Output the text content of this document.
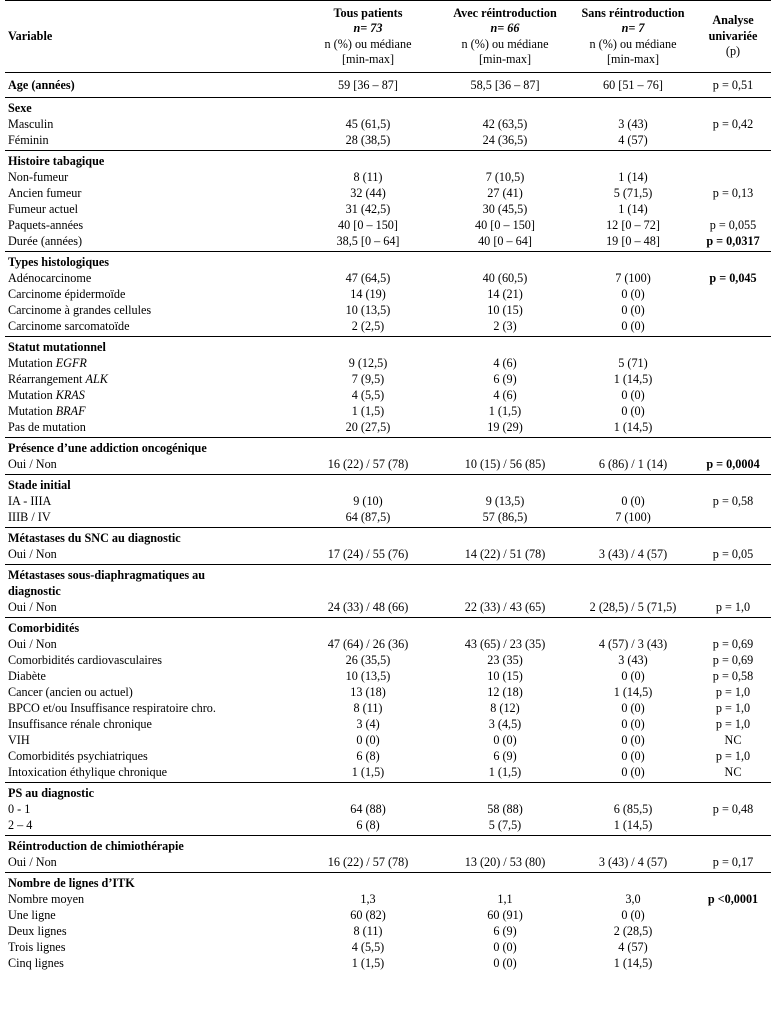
Variable	Tous patients
n= 73
n (%) ou médiane
[min-max]	Avec réintroduction
n= 66
n (%) ou médiane
[min-max]	Sans réintroduction
n= 7
n (%) ou médiane
[min-max]	Analyse
univariée
(p)

Age (années)	59 [36 – 87]	58,5 [36 – 87]	60 [51 – 76]	p = 0,51
Sexe				
Masculin	45 (61,5)	42 (63,5)	3 (43)	p = 0,42
Féminin	28 (38,5)	24 (36,5)	4 (57)	
Histoire tabagique				
Non-fumeur	8 (11)	7 (10,5)	1 (14)	
Ancien fumeur	32 (44)	27 (41)	5 (71,5)	p = 0,13
Fumeur actuel	31 (42,5)	30 (45,5)	1 (14)	
Paquets-années	40 [0 – 150]	40 [0 – 150]	12 [0 – 72]	p = 0,055
Durée (années)	38,5 [0 – 64]	40 [0 – 64]	19 [0 – 48]	p = 0,0317
Types histologiques				
Adénocarcinome	47 (64,5)	40 (60,5)	7 (100)	p = 0,045
Carcinome épidermoïde	14 (19)	14 (21)	0 (0)	
Carcinome à grandes cellules	10 (13,5)	10 (15)	0 (0)	
Carcinome sarcomatoïde	2 (2,5)	2 (3)	0 (0)	
Statut mutationnel				
Mutation EGFR	9 (12,5)	4 (6)	5 (71)	
Réarrangement ALK	7 (9,5)	6 (9)	1 (14,5)	
Mutation KRAS	4 (5,5)	4 (6)	0 (0)	
Mutation BRAF	1 (1,5)	1 (1,5)	0 (0)	
Pas de mutation	20 (27,5)	19 (29)	1 (14,5)	
Présence d’une addiction oncogénique				
Oui / Non	16 (22) / 57 (78)	10 (15) / 56 (85)	6 (86) / 1 (14)	p = 0,0004
Stade initial				
IA - IIIA	9 (10)	9 (13,5)	0 (0)	p = 0,58
IIIB / IV	64 (87,5)	57 (86,5)	7 (100)	
Métastases du SNC au diagnostic				
Oui / Non	17 (24) / 55 (76)	14 (22) / 51 (78)	3 (43) / 4 (57)	p = 0,05
Métastases sous-diaphragmatiques au				
diagnostic				
Oui / Non	24 (33) / 48 (66)	22 (33) / 43 (65)	2 (28,5) / 5 (71,5)	p = 1,0
Comorbidités				
Oui / Non	47 (64) / 26 (36)	43 (65) / 23 (35)	4 (57) / 3 (43)	p = 0,69
Comorbidités cardiovasculaires	26 (35,5)	23 (35)	3 (43)	p = 0,69
Diabète	10 (13,5)	10 (15)	0 (0)	p = 0,58
Cancer (ancien ou actuel)	13 (18)	12 (18)	1 (14,5)	p = 1,0
BPCO et/ou Insuffisance respiratoire chro.	8 (11)	8 (12)	0 (0)	p = 1,0
Insuffisance rénale chronique	3 (4)	3 (4,5)	0 (0)	p = 1,0
VIH	0 (0)	0 (0)	0 (0)	NC
Comorbidités psychiatriques	6 (8)	6 (9)	0 (0)	p = 1,0
Intoxication éthylique chronique	1 (1,5)	1 (1,5)	0 (0)	NC
PS au diagnostic				
0 - 1	64 (88)	58 (88)	6 (85,5)	p = 0,48
2 – 4	6 (8)	5 (7,5)	1 (14,5)	
Réintroduction de chimiothérapie				
Oui / Non	16 (22) / 57 (78)	13 (20) / 53 (80)	3 (43) / 4 (57)	p = 0,17
Nombre de lignes d’ITK				
Nombre moyen	1,3	1,1	3,0	p <0,0001
Une ligne	60 (82)	60 (91)	0 (0)	
Deux lignes	8 (11)	6 (9)	2 (28,5)	
Trois lignes	4 (5,5)	0 (0)	4 (57)	
Cinq lignes	1 (1,5)	0 (0)	1 (14,5)	
